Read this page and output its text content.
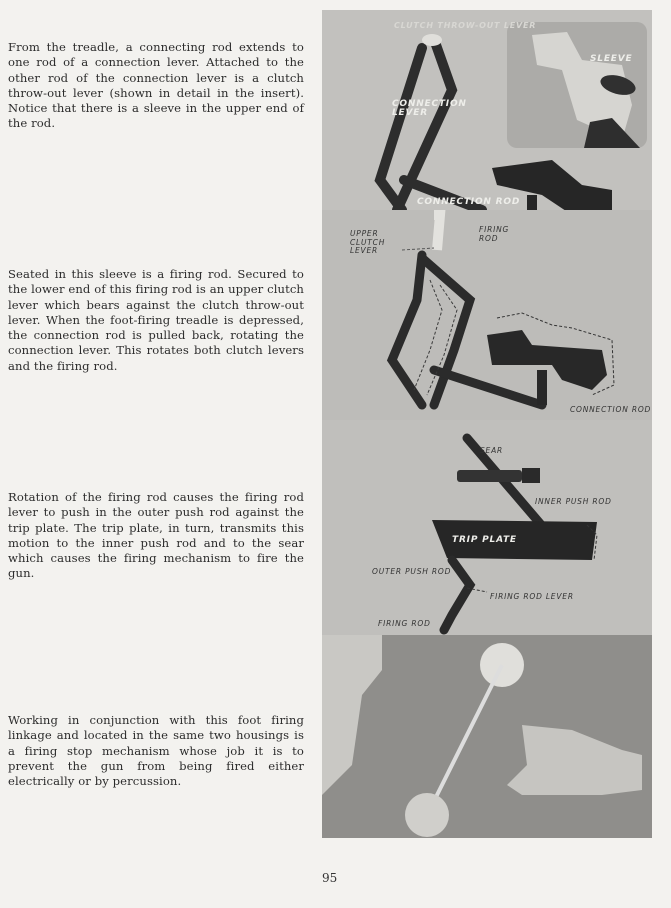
From the treadle, a connecting rod extends to one rod of a connection lever. Attached to the other rod of the connection lever is a clutch throw-out lever (shown in detail in the insert). Notice that there is a sleeve in the upper end of the rod.

Seated in this sleeve is a firing rod. Secured to the lower end of this firing rod is an upper clutch lever which bears against the clutch throw-out lever. When the foot-firing treadle is depressed, the connection rod is pulled back, rotating the connection lever. This rotates both clutch levers and the firing rod.

Rotation of the firing rod causes the firing rod lever to push in the outer push rod against the trip plate. The trip plate, in turn, transmits this motion to the inner push rod and to the sear which causes the firing mechanism to fire the gun.

Working in conjunction with this foot firing linkage and located in the same two housings is a firing stop mechanism whose job it is to prevent the gun from being fired either electrically or by percussion.

CLUTCH THROW-OUT LEVER
SLEEVE
CONNECTION
LEVER
CONNECTION ROD
UPPER
CLUTCH
LEVER
FIRING
ROD
CONNECTION ROD
SEAR
INNER PUSH ROD
TRIP PLATE
OUTER PUSH ROD
FIRING ROD LEVER
FIRING ROD
95
